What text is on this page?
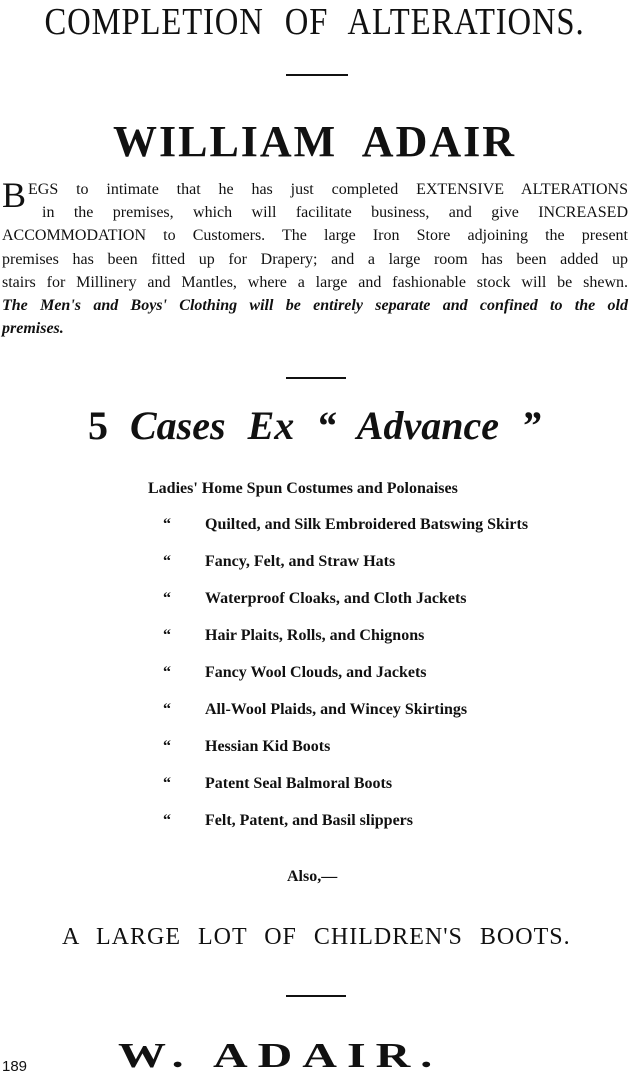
COMPLETION OF ALTERATIONS.
WILLIAM ADAIR
B EGS to intimate that he has just completed EXTENSIVE ALTERATIONS
in the premises, which will facilitate business, and give INCREASED
ACCOMMODATION to Customers. The large Iron Store adjoining the present
premises has been fitted up for Drapery; and a large room has been added up
stairs for Millinery and Mantles, where a large and fashionable stock will be shewn.
The Men's and Boys' Clothing will be entirely separate and confined to the old
premises.
5 Cases Ex “ Advance ”
Ladies' Home Spun Costumes and Polonaises
“ Quilted, and Silk Embroidered Batswing Skirts
“ Fancy, Felt, and Straw Hats
“ Waterproof Cloaks, and Cloth Jackets
“ Hair Plaits, Rolls, and Chignons
“ Fancy Wool Clouds, and Jackets
“ All-Wool Plaids, and Wincey Skirtings
“ Hessian Kid Boots
“ Patent Seal Balmoral Boots
“ Felt, Patent, and Basil slippers
Also,—
A LARGE LOT OF CHILDREN'S BOOTS.
W. ADAIR.
189
